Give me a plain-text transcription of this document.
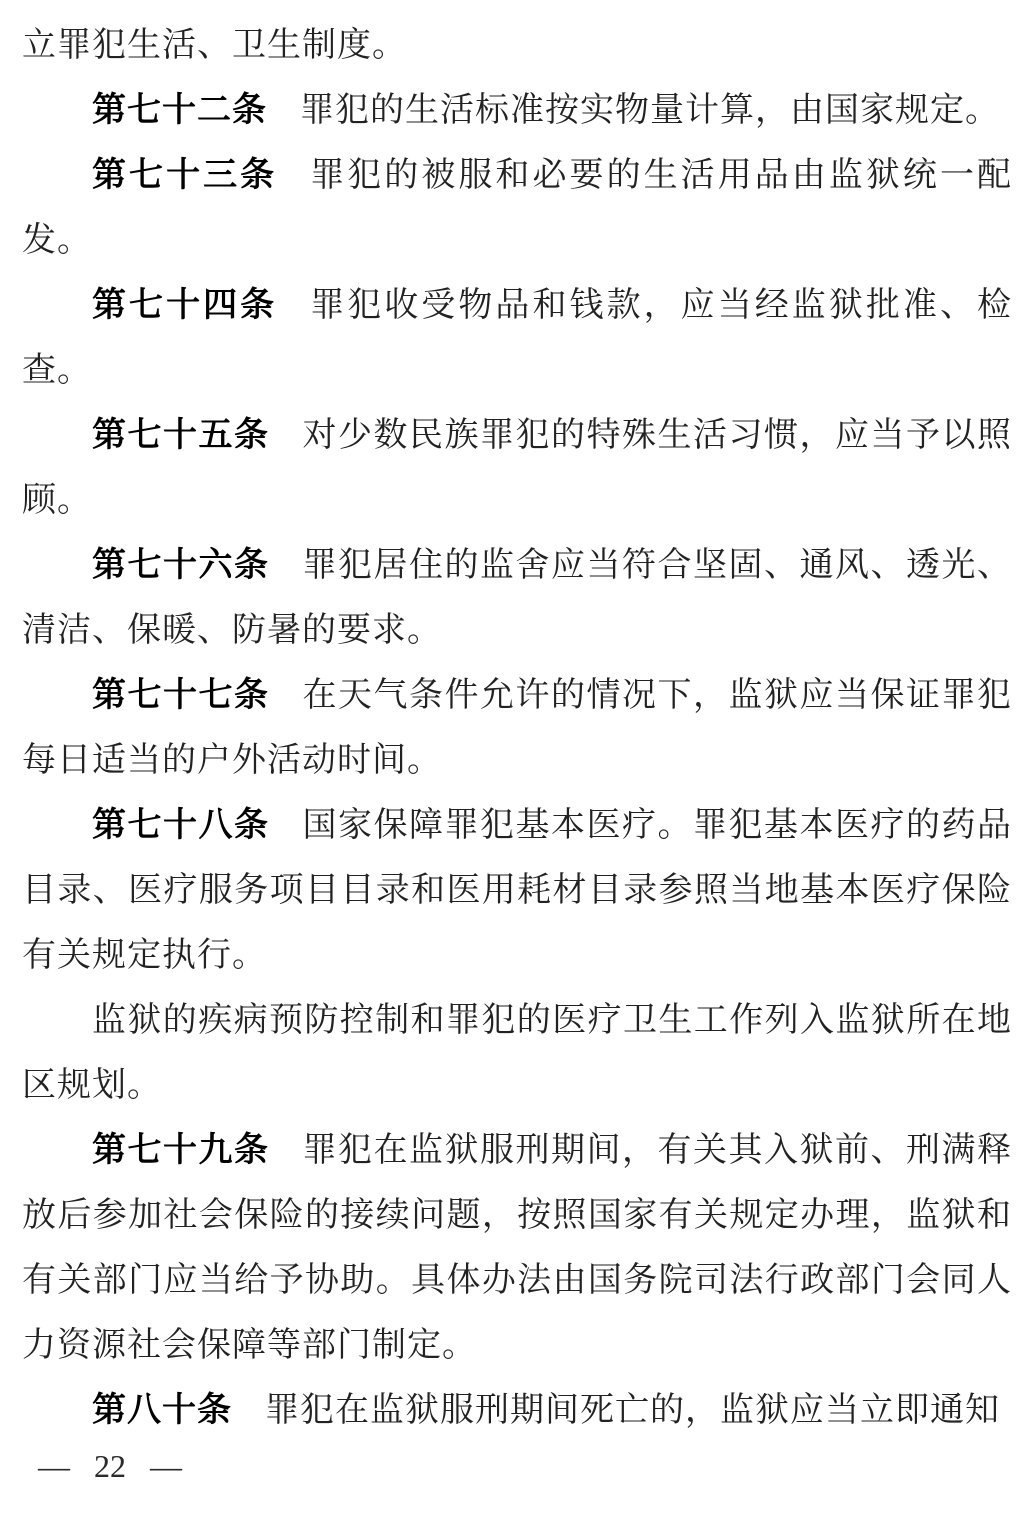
立罪犯生活、卫生制度。

第七十二条 罪犯的生活标准按实物量计算，由国家规定。

第七十三条 罪犯的被服和必要的生活用品由监狱统一配发。

第七十四条 罪犯收受物品和钱款，应当经监狱批准、检查。

第七十五条 对少数民族罪犯的特殊生活习惯，应当予以照顾。

第七十六条 罪犯居住的监舍应当符合坚固、通风、透光、清洁、保暖、防暑的要求。

第七十七条 在天气条件允许的情况下，监狱应当保证罪犯每日适当的户外活动时间。

第七十八条 国家保障罪犯基本医疗。罪犯基本医疗的药品目录、医疗服务项目目录和医用耗材目录参照当地基本医疗保险有关规定执行。

监狱的疾病预防控制和罪犯的医疗卫生工作列入监狱所在地区规划。

第七十九条 罪犯在监狱服刑期间，有关其入狱前、刑满释放后参加社会保险的接续问题，按照国家有关规定办理，监狱和有关部门应当给予协助。具体办法由国务院司法行政部门会同人力资源社会保障等部门制定。

第八十条 罪犯在监狱服刑期间死亡的，监狱应当立即通知

— 22 —
